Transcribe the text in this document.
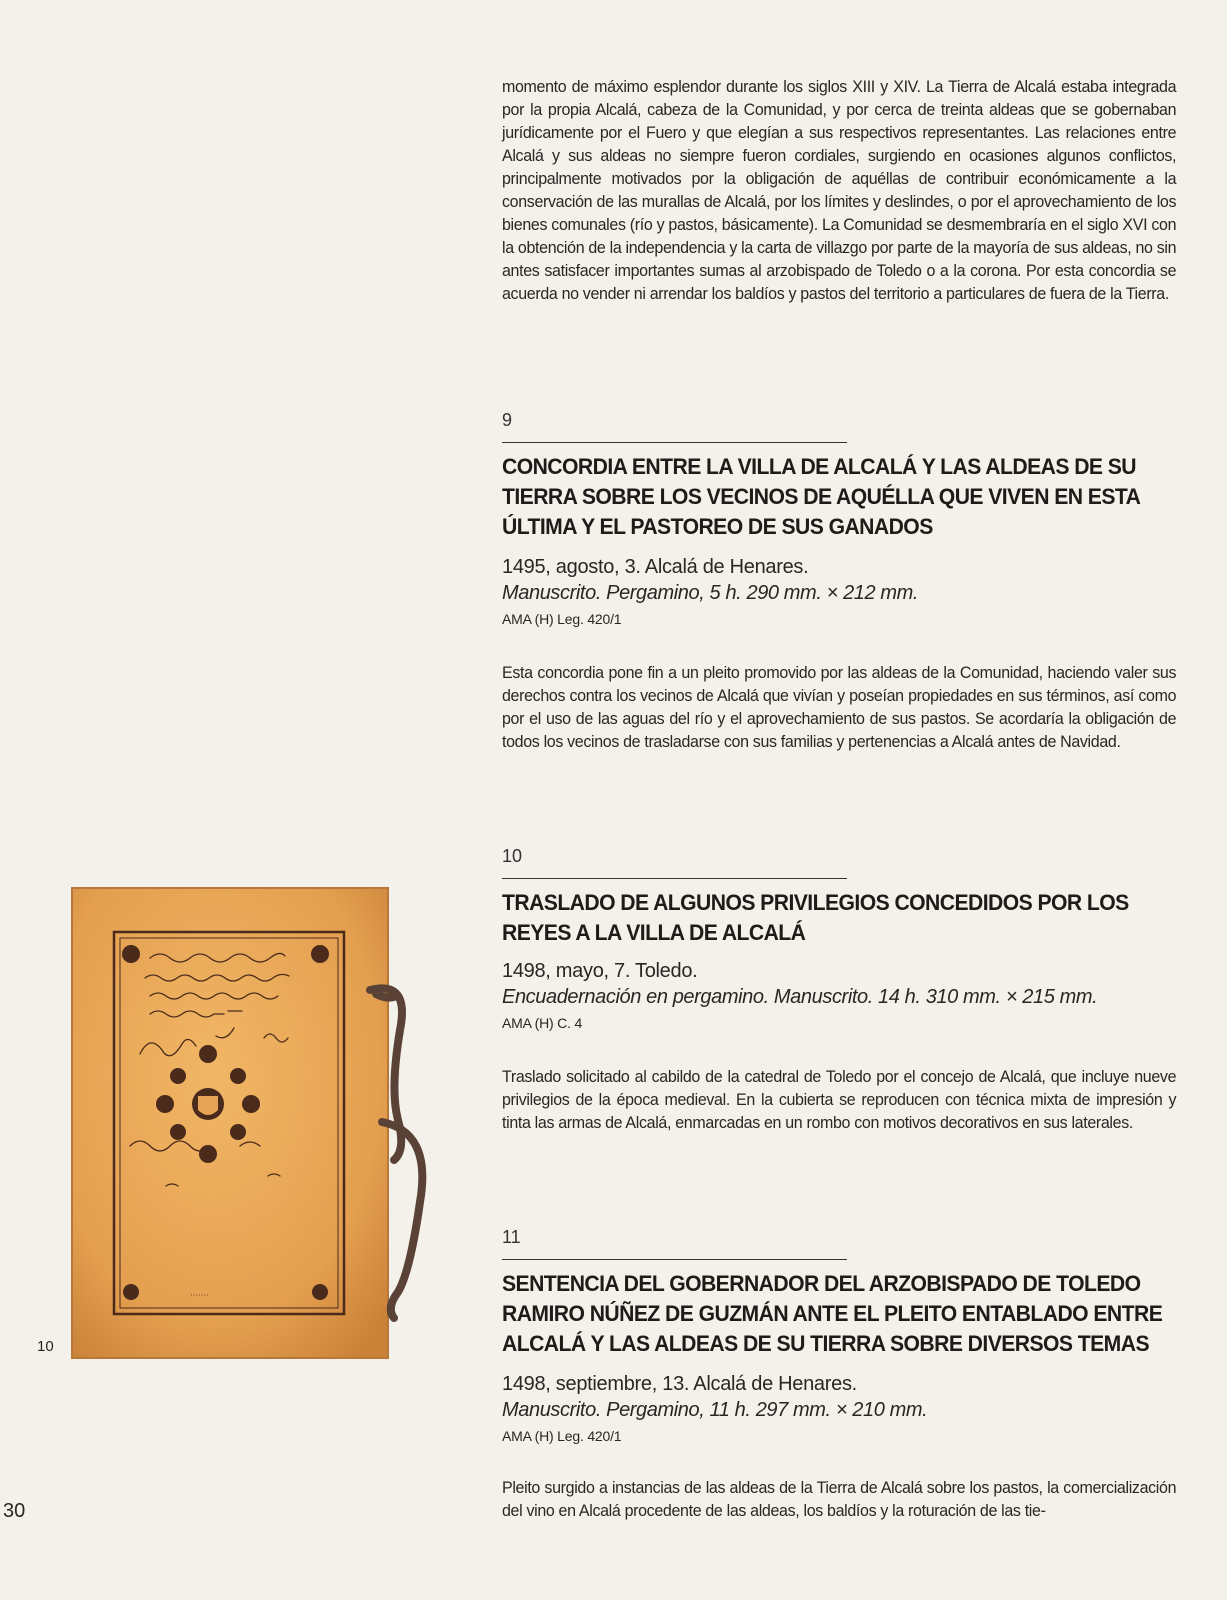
momento de máximo esplendor durante los siglos XIII y XIV. La Tierra de Alcalá estaba integrada por la propia Alcalá, cabeza de la Comunidad, y por cerca de treinta aldeas que se gobernaban jurídicamente por el Fuero y que elegían a sus respectivos representantes. Las relaciones entre Alcalá y sus aldeas no siempre fueron cordiales, surgiendo en ocasiones algunos conflictos, principalmente motivados por la obligación de aquéllas de contribuir económicamente a la conservación de las murallas de Alcalá, por los límites y deslindes, o por el aprovechamiento de los bienes comunales (río y pastos, básicamente). La Comunidad se desmembraría en el siglo XVI con la obtención de la independencia y la carta de villazgo por parte de la mayoría de sus aldeas, no sin antes satisfacer importantes sumas al arzobispado de Toledo o a la corona. Por esta concordia se acuerda no vender ni arrendar los baldíos y pastos del territorio a particulares de fuera de la Tierra.

9
CONCORDIA ENTRE LA VILLA DE ALCALÁ Y LAS ALDEAS DE SU
TIERRA SOBRE LOS VECINOS DE AQUÉLLA QUE VIVEN EN ESTA
ÚLTIMA Y EL PASTOREO DE SUS GANADOS
1495, agosto, 3. Alcalá de Henares.
Manuscrito. Pergamino, 5 h. 290 mm. × 212 mm.
AMA (H) Leg. 420/1

Esta concordia pone fin a un pleito promovido por las aldeas de la Comunidad, haciendo valer sus derechos contra los vecinos de Alcalá que vivían y poseían propiedades en sus términos, así como por el uso de las aguas del río y el aprovechamiento de sus pastos. Se acordaría la obligación de todos los vecinos de trasladarse con sus familias y pertenencias a Alcalá antes de Navidad.

10
TRASLADO DE ALGUNOS PRIVILEGIOS CONCEDIDOS POR LOS
REYES A LA VILLA DE ALCALÁ
1498, mayo, 7. Toledo.
Encuadernación en pergamino. Manuscrito. 14 h. 310 mm. × 215 mm.
AMA (H) C. 4

Traslado solicitado al cabildo de la catedral de Toledo por el concejo de Alcalá, que incluye nueve privilegios de la época medieval. En la cubierta se reproducen con técnica mixta de impresión y tinta las armas de Alcalá, enmarcadas en un rombo con motivos decorativos en sus laterales.

11
SENTENCIA DEL GOBERNADOR DEL ARZOBISPADO DE TOLEDO
RAMIRO NÚÑEZ DE GUZMÁN ANTE EL PLEITO ENTABLADO ENTRE
ALCALÁ Y LAS ALDEAS DE SU TIERRA SOBRE DIVERSOS TEMAS
1498, septiembre, 13. Alcalá de Henares.
Manuscrito. Pergamino, 11 h. 297 mm. × 210 mm.
AMA (H) Leg. 420/1

Pleito surgido a instancias de las aldeas de la Tierra de Alcalá sobre los pastos, la comercialización del vino en Alcalá procedente de las aldeas, los baldíos y la roturación de las tie-

·······
10
30
